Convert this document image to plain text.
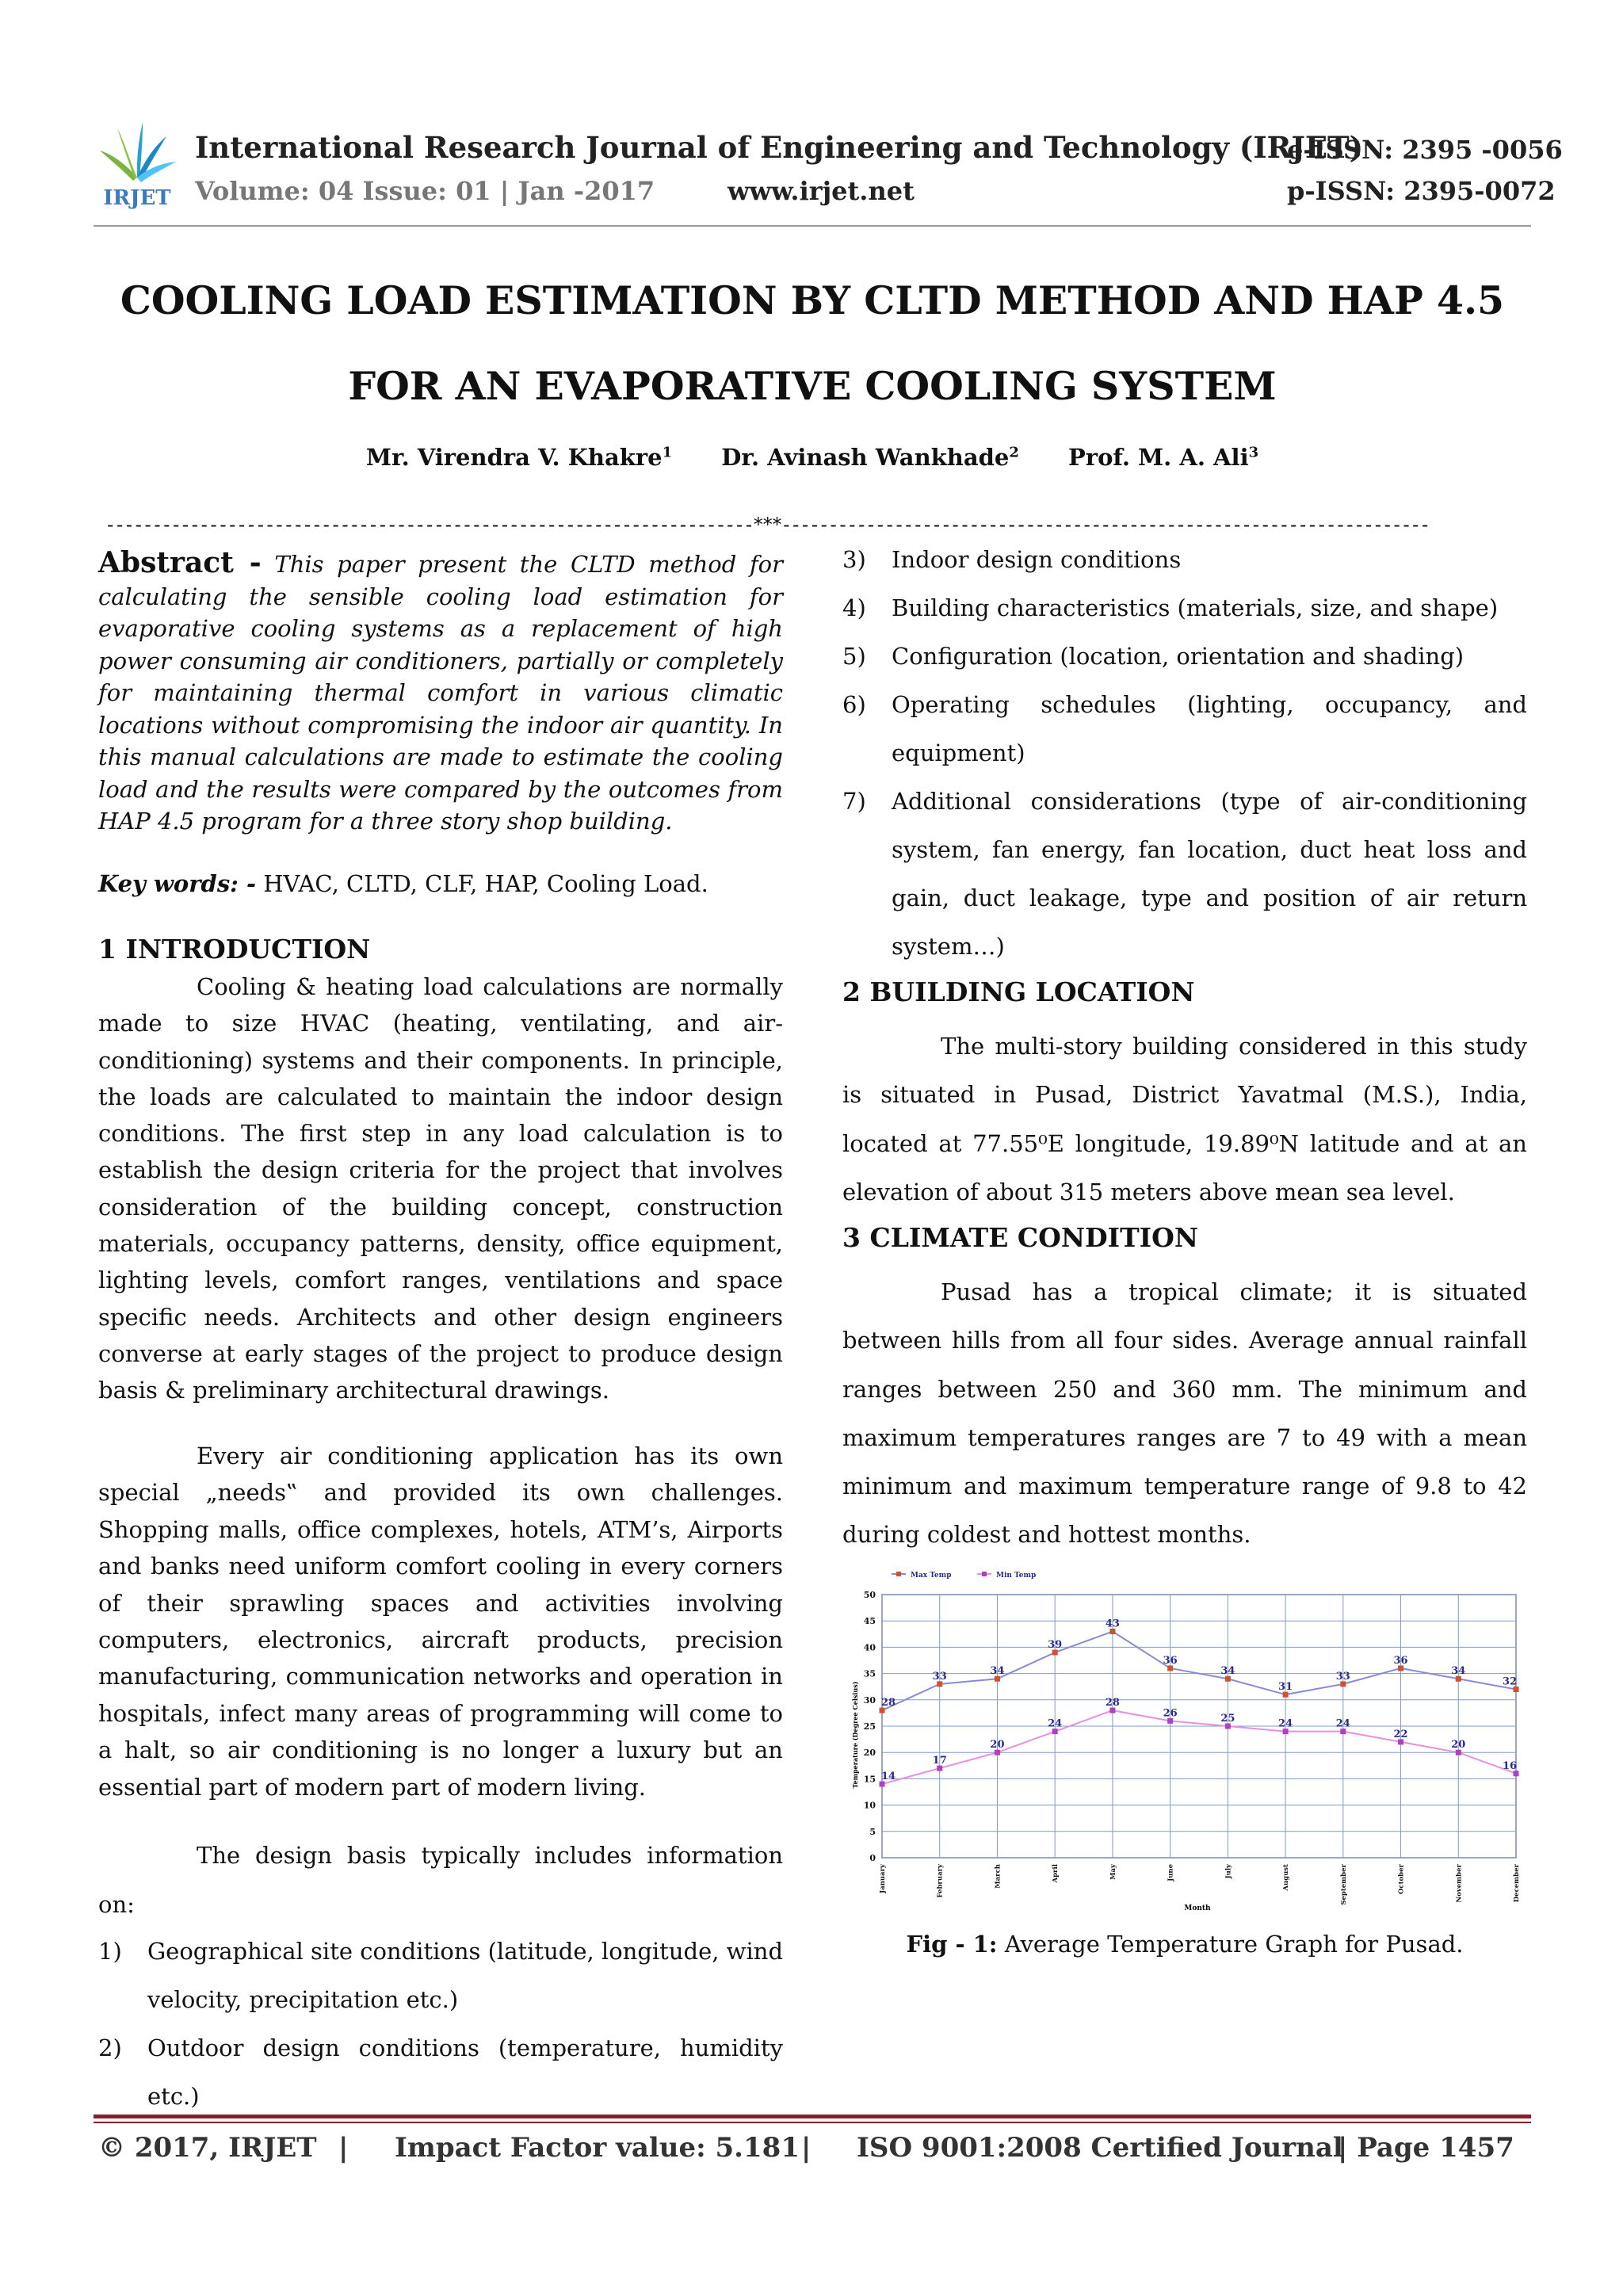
IRJET
International Research Journal of Engineering and Technology (IRJET)
e-ISSN: 2395 -0056
Volume: 04 Issue: 01 | Jan -2017	www.irjet.net	p-ISSN: 2395-0072
COOLING LOAD ESTIMATION BY CLTD METHOD AND HAP 4.5
FOR AN EVAPORATIVE COOLING SYSTEM
Mr. Virendra V. Khakre$^1$ Dr. Avinash Wankhade$^2$ Prof. M. A. Ali$^3$
---------------------------------------------------------------------***---------------------------------------------------------------------
Abstract - This paper present the CLTD method for calculating the sensible cooling load estimation for evaporative cooling systems as a replacement of high power consuming air conditioners, partially or completely for maintaining thermal comfort in various climatic locations without compromising the indoor air quantity. In this manual calculations are made to estimate the cooling load and the results were compared by the outcomes from HAP 4.5 program for a three story shop building.
Key words: - HVAC, CLTD, CLF, HAP, Cooling Load.
1 INTRODUCTION
Cooling & heating load calculations are normally made to size HVAC (heating, ventilating, and air-conditioning) systems and their components. In principle, the loads are calculated to maintain the indoor design conditions. The first step in any load calculation is to establish the design criteria for the project that involves consideration of the building concept, construction materials, occupancy patterns, density, office equipment, lighting levels, comfort ranges, ventilations and space specific needs. Architects and other design engineers converse at early stages of the project to produce design basis & preliminary architectural drawings.
Every air conditioning application has its own special „needs‟ and provided its own challenges. Shopping malls, office complexes, hotels, ATM’s, Airports and banks need uniform comfort cooling in every corners of their sprawling spaces and activities involving computers, electronics, aircraft products, precision manufacturing, communication networks and operation in hospitals, infect many areas of programming will come to a halt, so air conditioning is no longer a luxury but an essential part of modern part of modern living.
The design basis typically includes information on:
1) Geographical site conditions (latitude, longitude, wind velocity, precipitation etc.)
2) Outdoor design conditions (temperature, humidity etc.)
3) Indoor design conditions
4) Building characteristics (materials, size, and shape)
5) Configuration (location, orientation and shading)
6) Operating schedules (lighting, occupancy, and equipment)
7) Additional considerations (type of air-conditioning system, fan energy, fan location, duct heat loss and gain, duct leakage, type and position of air return system…)
2 BUILDING LOCATION
The multi-story building considered in this study is situated in Pusad, District Yavatmal (M.S.), India, located at 77.55⁰E longitude, 19.89⁰N latitude and at an elevation of about 315 meters above mean sea level.
3 CLIMATE CONDITION
Pusad has a tropical climate; it is situated between hills from all four sides. Average annual rainfall ranges between 250 and 360 mm. The minimum and maximum temperatures ranges are 7 to 49 with a mean minimum and maximum temperature range of 9.8 to 42 during coldest and hottest months.
0
5
10
15
20
25
30
35
40
45
50
January	February	March	April	May	June	July	August	September	October	November	December
28
33	34
39
43
36
34
31
33
36
34
32
14
17
20
24
28
26	25	24	24
22
20
16
Max Temp	Min Temp
Temperature (Degree Celsius)
Month
Fig - 1: Average Temperature Graph for Pusad.
© 2017, IRJET | Impact Factor value: 5.181 | ISO 9001:2008 Certified Journal
| Page 1457
